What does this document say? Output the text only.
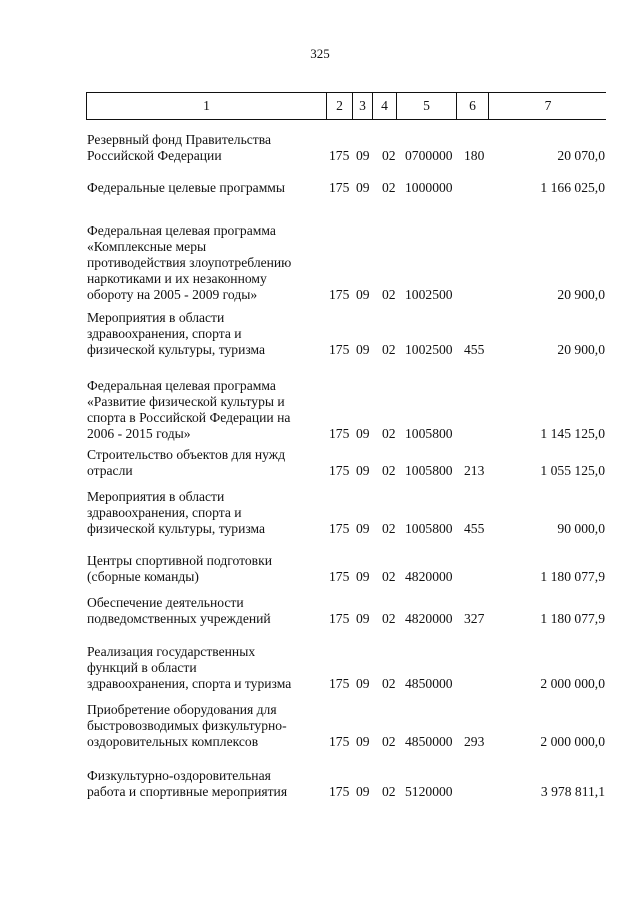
325
1	2	3	4	5	6	7
Резервный фонд Правительства
Российской Федерации	175 09 02 0700000 180	20 070,0
Федеральные целевые программы	175 09 02 1000000	1 166 025,0
Федеральная целевая программа
«Комплексные меры
противодействия злоупотреблению
наркотиками и их незаконному
обороту на 2005 - 2009 годы»	175 09 02 1002500	20 900,0
Мероприятия в области
здравоохранения, спорта и
физической культуры, туризма	175 09 02 1002500 455	20 900,0
Федеральная целевая программа
«Развитие физической культуры и
спорта в Российской Федерации на
2006 - 2015 годы»	175 09 02 1005800	1 145 125,0
Строительство объектов для нужд
отрасли	175 09 02 1005800 213	1 055 125,0
Мероприятия в области
здравоохранения, спорта и
физической культуры, туризма	175 09 02 1005800 455	90 000,0
Центры спортивной подготовки
(сборные команды)	175 09 02 4820000	1 180 077,9
Обеспечение деятельности
подведомственных учреждений	175 09 02 4820000 327	1 180 077,9
Реализация государственных
функций в области
здравоохранения, спорта и туризма	175 09 02 4850000	2 000 000,0
Приобретение оборудования для
быстровозводимых физкультурно-
оздоровительных комплексов	175 09 02 4850000 293	2 000 000,0
Физкультурно-оздоровительная
работа и спортивные мероприятия	175 09 02 5120000	3 978 811,1
